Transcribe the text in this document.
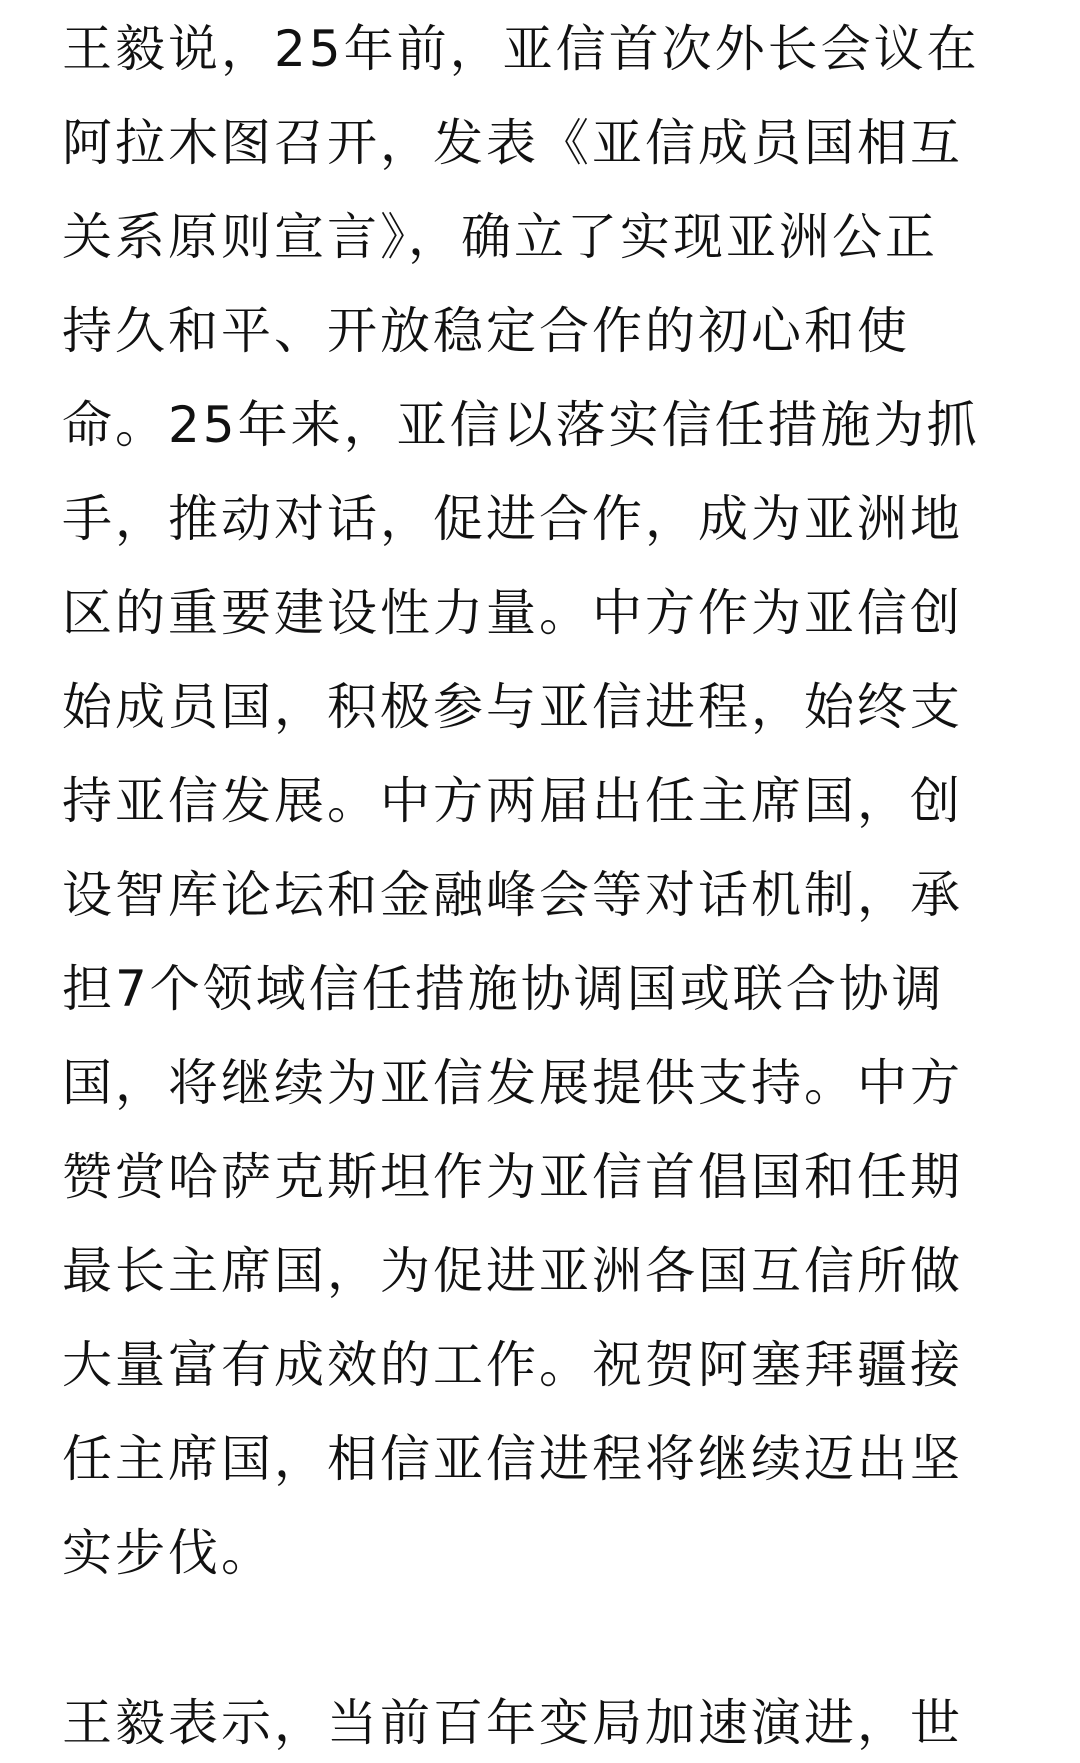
王毅说，25年前，亚信首次外长会议在
阿拉木图召开，发表《亚信成员国相互
关系原则宣言》，确立了实现亚洲公正
持久和平、开放稳定合作的初心和使
命。25年来，亚信以落实信任措施为抓
手，推动对话，促进合作，成为亚洲地
区的重要建设性力量。中方作为亚信创
始成员国，积极参与亚信进程，始终支
持亚信发展。中方两届出任主席国，创
设智库论坛和金融峰会等对话机制，承
担7个领域信任措施协调国或联合协调
国，将继续为亚信发展提供支持。中方
赞赏哈萨克斯坦作为亚信首倡国和任期
最长主席国，为促进亚洲各国互信所做
大量富有成效的工作。祝贺阿塞拜疆接
任主席国，相信亚信进程将继续迈出坚
实步伐。

王毅表示，当前百年变局加速演进，世
